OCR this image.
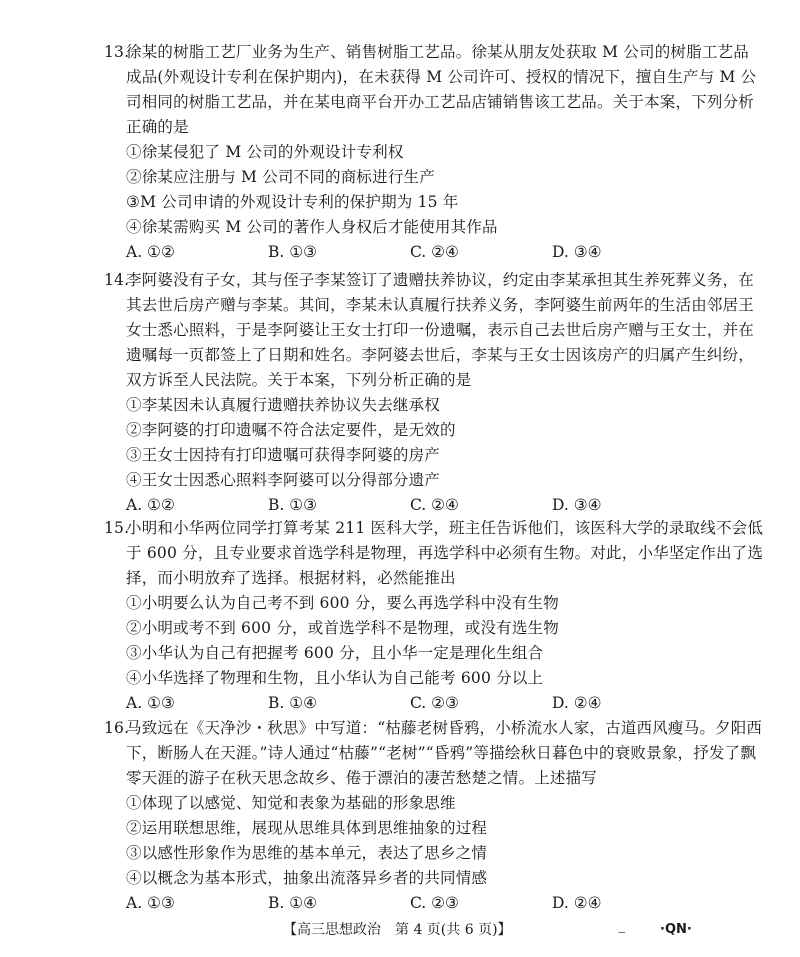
13.
徐某的树脂工艺厂业务为生产、销售树脂工艺品。徐某从朋友处获取 M 公司的树脂工艺品
成品(外观设计专利在保护期内)，在未获得 M 公司许可、授权的情况下，擅自生产与 M 公
司相同的树脂工艺品，并在某电商平台开办工艺品店铺销售该工艺品。关于本案，下列分析
正确的是
①徐某侵犯了 M 公司的外观设计专利权
②徐某应注册与 M 公司不同的商标进行生产
③M 公司申请的外观设计专利的保护期为 15 年
④徐某需购买 M 公司的著作人身权后才能使用其作品
A. ①②	B. ①③	C. ②④	D. ③④
14.
李阿婆没有子女，其与侄子李某签订了遗赠扶养协议，约定由李某承担其生养死葬义务，在
其去世后房产赠与李某。其间，李某未认真履行扶养义务，李阿婆生前两年的生活由邻居王
女士悉心照料，于是李阿婆让王女士打印一份遗嘱，表示自己去世后房产赠与王女士，并在
遗嘱每一页都签上了日期和姓名。李阿婆去世后，李某与王女士因该房产的归属产生纠纷，
双方诉至人民法院。关于本案，下列分析正确的是
①李某因未认真履行遗赠扶养协议失去继承权
②李阿婆的打印遗嘱不符合法定要件，是无效的
③王女士因持有打印遗嘱可获得李阿婆的房产
④王女士因悉心照料李阿婆可以分得部分遗产
A. ①②	B. ①③	C. ②④	D. ③④
15.
小明和小华两位同学打算考某 211 医科大学，班主任告诉他们，该医科大学的录取线不会低
于 600 分，且专业要求首选学科是物理，再选学科中必须有生物。对此，小华坚定作出了选
择，而小明放弃了选择。根据材料，必然能推出
①小明要么认为自己考不到 600 分，要么再选学科中没有生物
②小明或考不到 600 分，或首选学科不是物理，或没有选生物
③小华认为自己有把握考 600 分，且小华一定是理化生组合
④小华选择了物理和生物，且小华认为自己能考 600 分以上
A. ①③	B. ①④	C. ②③	D. ②④
16.
马致远在《天净沙・秋思》中写道：“枯藤老树昏鸦，小桥流水人家，古道西风瘦马。夕阳西
下，断肠人在天涯。”诗人通过“枯藤”“老树”“昏鸦”等描绘秋日暮色中的衰败景象，抒发了飘
零天涯的游子在秋天思念故乡、倦于漂泊的凄苦愁楚之情。上述描写
①体现了以感觉、知觉和表象为基础的形象思维
②运用联想思维，展现从思维具体到思维抽象的过程
③以感性形象作为思维的基本单元，表达了思乡之情
④以概念为基本形式，抽象出流落异乡者的共同情感
A. ①③	B. ①④	C. ②③	D. ②④
【高三思想政治　第 4 页(共 6 页)】	‒	·QN·
